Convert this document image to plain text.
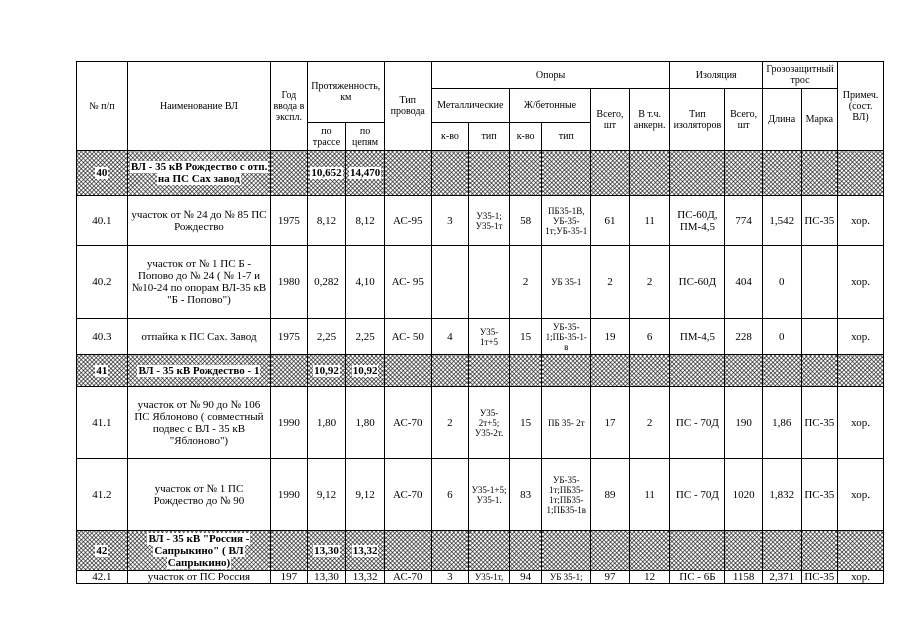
№ п/п	Наименование ВЛ	Год ввода в экспл.	Протяженность, км		Тип провода	Опоры						Изоляция		Грозозащитный трос		Примеч. (сост. ВЛ)
						Металлические		Ж/бетонные		Всего, шт	В т.ч. анкерн.	Тип изоляторов	Всего, шт	Длина	Марка	
			по трассе	по цепям		к-во	тип	к-во	тип							
40	ВЛ - 35 кВ Рождество с отп. на ПС Сах завод		10,652	14,470												
40.1	участок от № 24 до № 85 ПС Рождество	1975	8,12	8,12	АС-95	3	У35-1; У35-1т	58	ПБ35-1В, УБ-35-1т;УБ-35-1	61	11	ПС-60Д, ПМ-4,5	774	1,542	ПС-35	хор.
40.2	участок от № 1 ПС Б - Попово до № 24 ( № 1-7 и №10-24 по опорам ВЛ-35 кВ "Б - Попово")	1980	0,282	4,10	АС- 95			2	УБ 35-1	2	2	ПС-60Д	404	0		хор.
40.3	отпайка к ПС Сах. Завод	1975	2,25	2,25	АС- 50	4	У35-1т+5	15	УБ-35-1;ПБ-35-1-в	19	6	ПМ-4,5	228	0		хор.
41	ВЛ - 35 кВ Рождество - 1		10,92	10,92												
41.1	участок от № 90 до № 106 ПС Яблоново ( совместный подвес с ВЛ - 35 кВ "Яблоново")	1990	1,80	1,80	АС-70	2	У35-2т+5; У35-2т.	15	ПБ 35- 2т	17	2	ПС - 70Д	190	1,86	ПС-35	хор.
41.2	участок от № 1 ПС Рождество до № 90	1990	9,12	9,12	АС-70	6	У35-1+5; У35-1.	83	УБ-35-1т;ПБ35-1т;ПБ35-1;ПБ35-1в	89	11	ПС - 70Д	1020	1,832	ПС-35	хор.
42	ВЛ - 35 кВ "Россия - Сапрыкино" ( ВЛ Сапрыкино)		13,30	13,32												
42.1	участок от ПС Россия	197	13,30	13,32	АС-70	3	У35-1т,	94	УБ 35-1;	97	12	ПС - 6Б	1158	2,371	ПС-35	хор.
